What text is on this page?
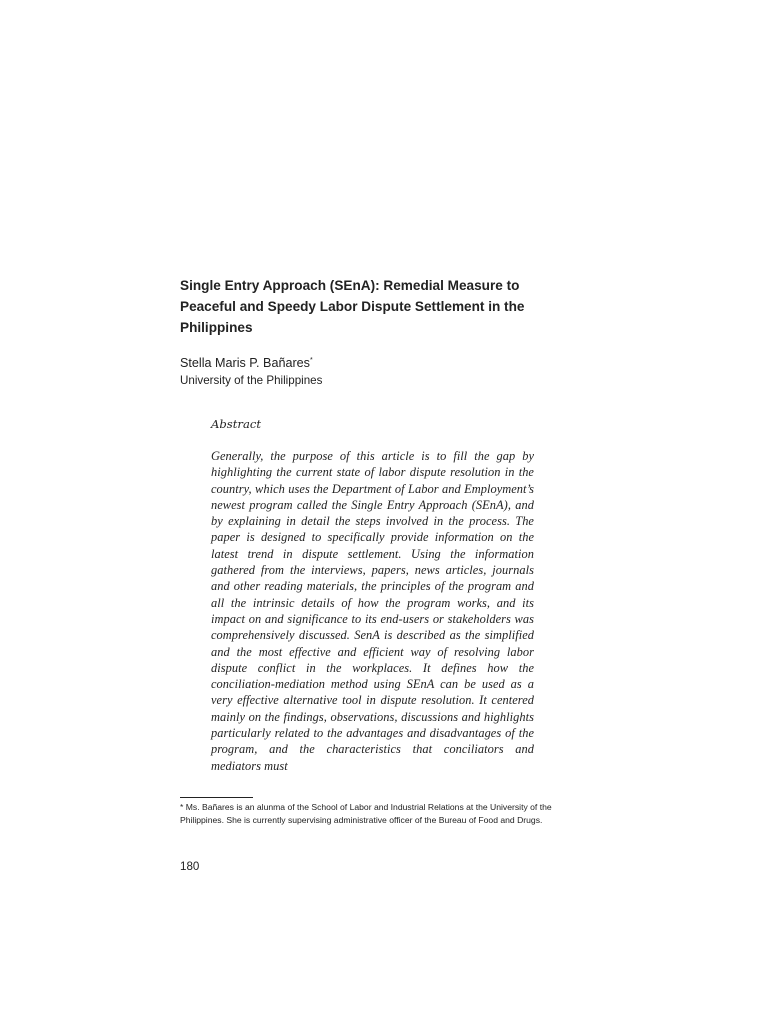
Single Entry Approach (SEnA): Remedial Measure to Peaceful and Speedy Labor Dispute Settlement in the Philippines
Stella Maris P. Bañares*
University of the Philippines
Abstract

Generally, the purpose of this article is to fill the gap by highlighting the current state of labor dispute resolution in the country, which uses the Department of Labor and Employment’s newest program called the Single Entry Approach (SEnA), and by explaining in detail the steps involved in the process. The paper is designed to specifically provide information on the latest trend in dispute settlement. Using the information gathered from the interviews, papers, news articles, journals and other reading materials, the principles of the program and all the intrinsic details of how the program works, and its impact on and significance to its end-users or stakeholders was comprehensively discussed. SenA is described as the simplified and the most effective and efficient way of resolving labor dispute conflict in the workplaces. It defines how the conciliation-mediation method using SEnA can be used as a very effective alternative tool in dispute resolution. It centered mainly on the findings, observations, discussions and highlights particularly related to the advantages and disadvantages of the program, and the characteristics that conciliators and mediators must

* Ms. Bañares is an alunma of the School of Labor and Industrial Relations at the University of the Philippines. She is currently supervising administrative officer of the Bureau of Food and Drugs.

180
